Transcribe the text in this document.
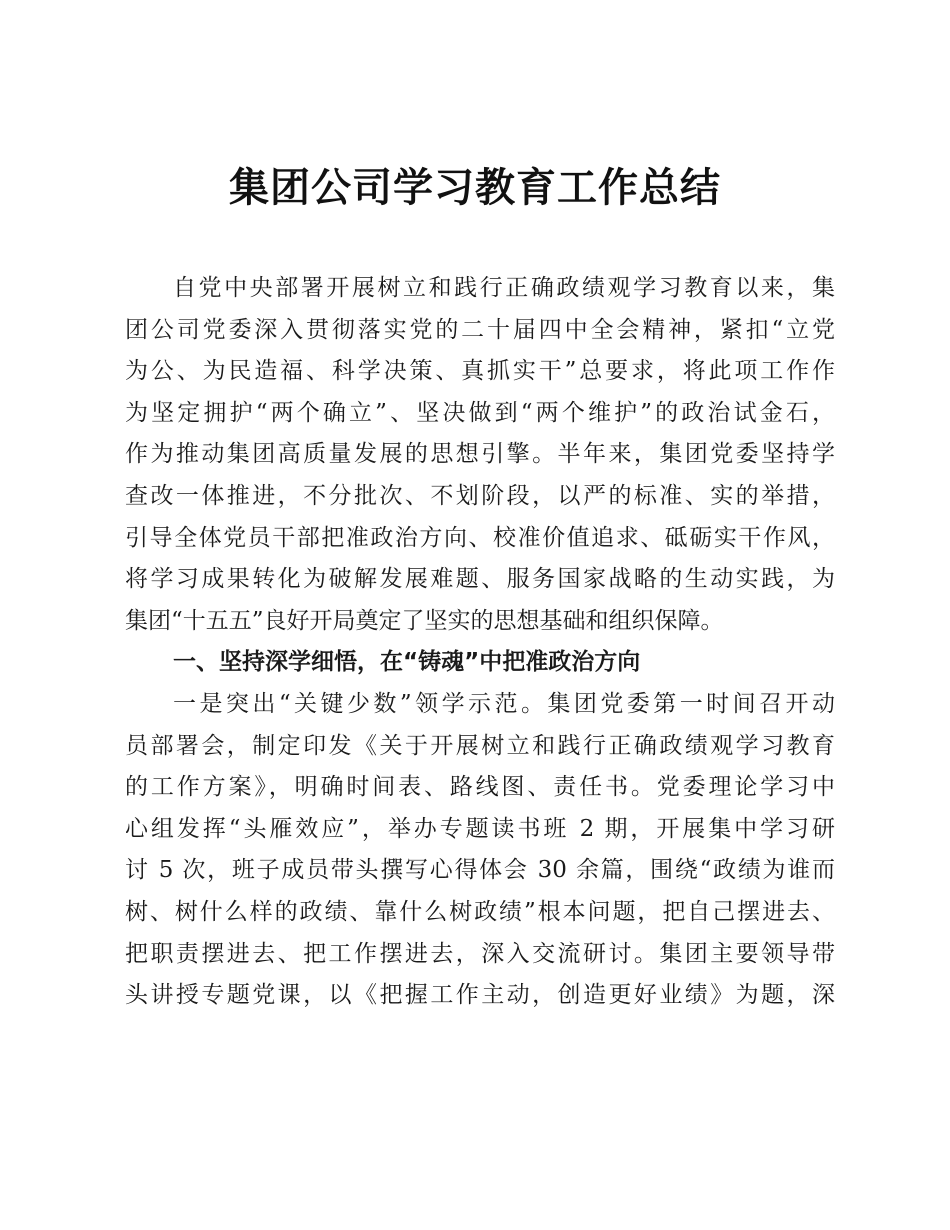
集团公司学习教育工作总结
自党中央部署开展树立和践行正确政绩观学习教育以来，集
团公司党委深入贯彻落实党的二十届四中全会精神，紧扣“立党
为公、为民造福、科学决策、真抓实干”总要求，将此项工作作
为坚定拥护“两个确立”、坚决做到“两个维护”的政治试金石，
作为推动集团高质量发展的思想引擎。半年来，集团党委坚持学
查改一体推进，不分批次、不划阶段，以严的标准、实的举措，
引导全体党员干部把准政治方向、校准价值追求、砥砺实干作风，
将学习成果转化为破解发展难题、服务国家战略的生动实践，为
集团“十五五”良好开局奠定了坚实的思想基础和组织保障。
一、坚持深学细悟，在“铸魂”中把准政治方向
一是突出“关键少数”领学示范。集团党委第一时间召开动
员部署会，制定印发《关于开展树立和践行正确政绩观学习教育
的工作方案》，明确时间表、路线图、责任书。党委理论学习中
心组发挥“头雁效应”，举办专题读书班 2 期，开展集中学习研
讨 5 次，班子成员带头撰写心得体会 30 余篇，围绕“政绩为谁而
树、树什么样的政绩、靠什么树政绩”根本问题，把自己摆进去、
把职责摆进去、把工作摆进去，深入交流研讨。集团主要领导带
头讲授专题党课，以《把握工作主动，创造更好业绩》为题，深
